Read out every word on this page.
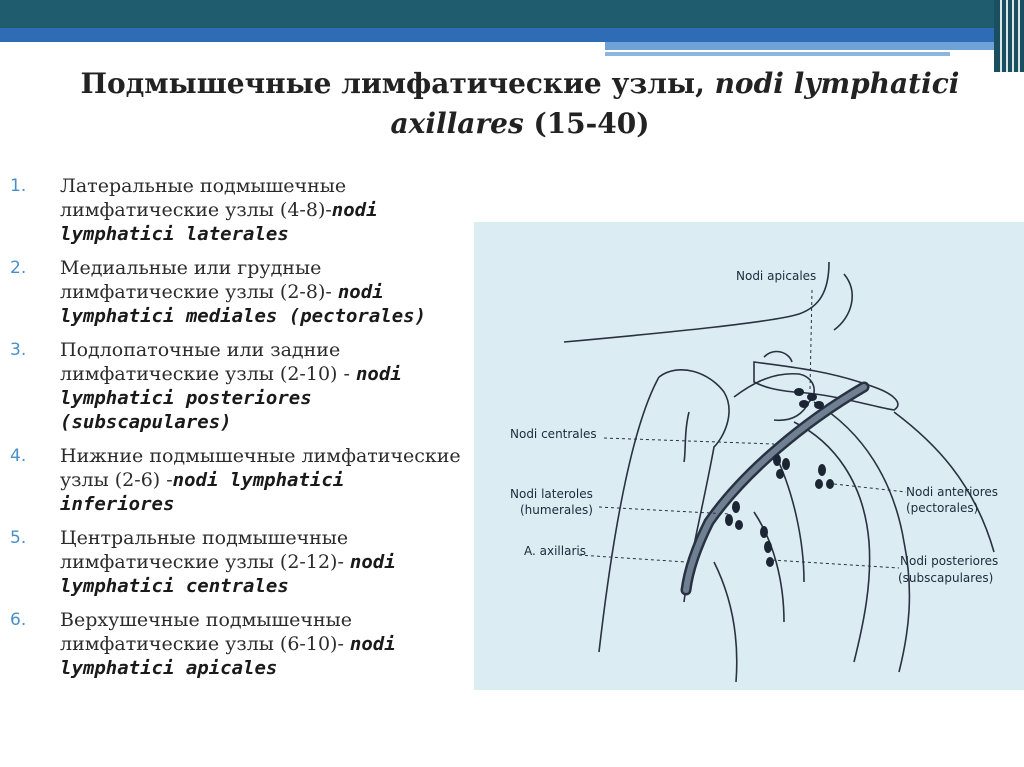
Подмышечные лимфатические узлы, nodi lymphatici axillares (15-40)
1. Латеральные подмышечные лимфатические узлы (4-8)-nodi lymphatici laterales
2. Медиальные или грудные лимфатические узлы (2-8)- nodi lymphatici mediales (pectorales)
3. Подлопаточные или задние лимфатические узлы (2-10) - nodi lymphatici posteriores (subscapulares)
4. Нижние подмышечные лимфатические узлы (2-6) -nodi lymphatici inferiores
5. Центральные подмышечные лимфатические узлы (2-12)- nodi lymphatici centrales
6. Верхушечные подмышечные лимфатические узлы (6-10)- nodi lymphatici apicales
Nodi apicales
Nodi centrales
Nodi lateroles
(humerales)
A. axillaris
Nodi anteriores
(pectorales)
Nodi posteriores
(subscapulares)
